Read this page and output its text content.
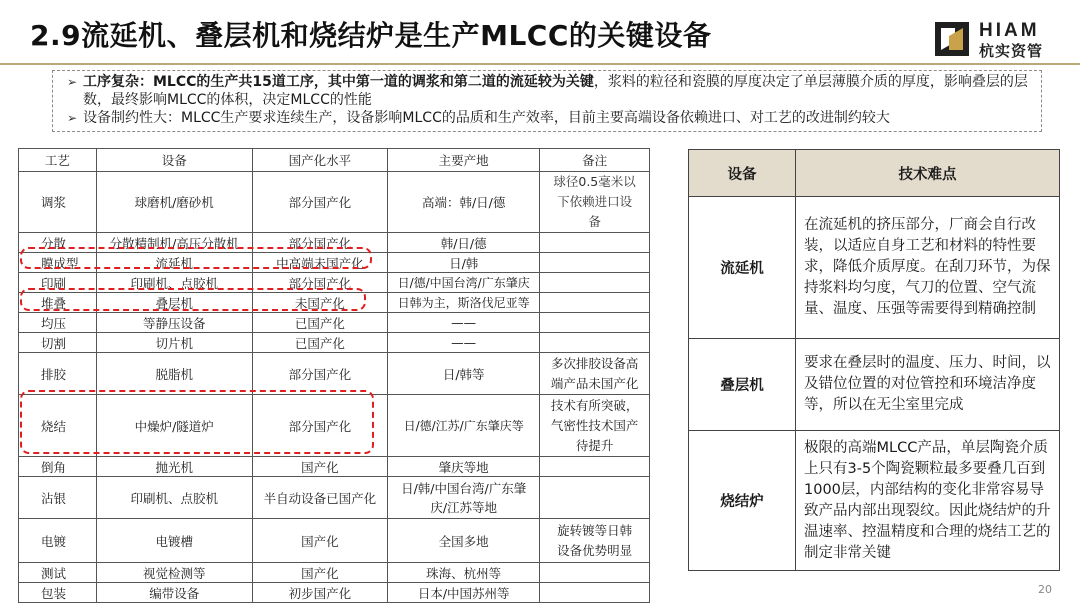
2.9流延机、叠层机和烧结炉是生产MLCC的关键设备	HIAM
杭实资管
➢ 工序复杂：MLCC的生产共15道工序，其中第一道的调浆和第二道的流延较为关键，浆料的粒径和瓷膜的厚度决定了单层薄膜介质的厚度，影响叠层的层数，最终影响MLCC的体积，决定MLCC的性能
➢ 设备制约性大：MLCC生产要求连续生产，设备影响MLCC的品质和生产效率，目前主要高端设备依赖进口、对工艺的改进制约较大
工艺	设备	国产化水平	主要产地	备注
调浆	球磨机/磨砂机	部分国产化	高端：韩/日/德	球径0.5毫米以下依赖进口设备
分散	分散精制机/高压分散机	部分国产化	韩/日/德	
膜成型	流延机	中高端未国产化	日/韩	
印刷	印刷机、点胶机	部分国产化	日/德/中国台湾/广东肇庆	
堆叠	叠层机	未国产化	日韩为主，斯洛伐尼亚等	
均压	等静压设备	已国产化	——	
切割	切片机	已国产化	——	
排胶	脱脂机	部分国产化	日/韩等	多次排胶设备高端产品未国产化
烧结	中燥炉/隧道炉	部分国产化	日/德/江苏/广东肇庆等	技术有所突破，气密性技术国产待提升
倒角	抛光机	国产化	肇庆等地	
沾银	印刷机、点胶机	半自动设备已国产化	日/韩/中国台湾/广东肇庆/江苏等地	
电镀	电镀槽	国产化	全国多地	旋转镀等日韩设备优势明显
测试	视觉检测等	国产化	珠海、杭州等	
包装	编带设备	初步国产化	日本/中国苏州等	
设备	技术难点
流延机	在流延机的挤压部分，厂商会自行改装，以适应自身工艺和材料的特性要求，降低介质厚度。在刮刀环节，为保持浆料均匀度，气刀的位置、空气流量、温度、压强等需要得到精确控制
叠层机	要求在叠层时的温度、压力、时间，以及错位位置的对位管控和环境洁净度等，所以在无尘室里完成
烧结炉	极限的高端MLCC产品，单层陶瓷介质上只有3-5个陶瓷颗粒最多要叠几百到1000层，内部结构的变化非常容易导致产品内部出现裂纹。因此烧结炉的升温速率、控温精度和合理的烧结工艺的制定非常关键
20
